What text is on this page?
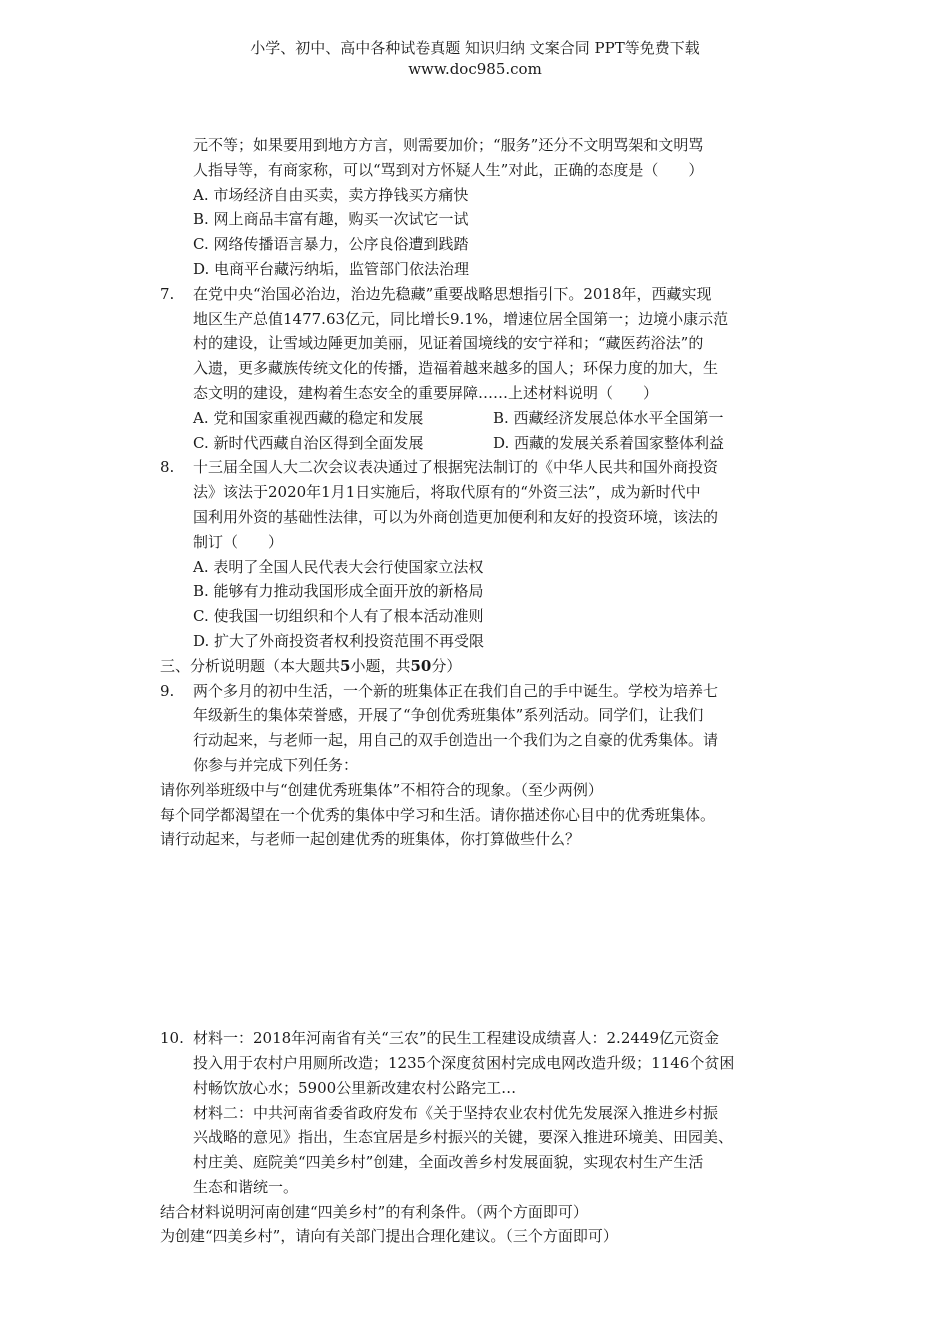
小学、初中、高中各种试卷真题 知识归纳 文案合同 PPT等免费下载
www.doc985.com
元不等；如果要用到地方方言，则需要加价；“服务”还分不文明骂架和文明骂
人指导等，有商家称，可以“骂到对方怀疑人生”对此，正确的态度是（　　）
A. 市场经济自由买卖，卖方挣钱买方痛快
B. 网上商品丰富有趣，购买一次试它一试
C. 网络传播语言暴力，公序良俗遭到践踏
D. 电商平台藏污纳垢，监管部门依法治理
7. 在党中央“治国必治边，治边先稳藏”重要战略思想指引下。2018年，西藏实现
地区生产总值1477.63亿元，同比增长9.1%，增速位居全国第一；边境小康示范
村的建设，让雪域边陲更加美丽，见证着国境线的安宁祥和；“藏医药浴法”的
入遗，更多藏族传统文化的传播，造福着越来越多的国人；环保力度的加大，生
态文明的建设，建构着生态安全的重要屏障……上述材料说明（　　）
A. 党和国家重视西藏的稳定和发展	B. 西藏经济发展总体水平全国第一
C. 新时代西藏自治区得到全面发展	D. 西藏的发展关系着国家整体利益
8. 十三届全国人大二次会议表决通过了根据宪法制订的《中华人民共和国外商投资
法》该法于2020年1月1日实施后，将取代原有的“外资三法”，成为新时代中
国利用外资的基础性法律，可以为外商创造更加便利和友好的投资环境，该法的
制订（　　）
A. 表明了全国人民代表大会行使国家立法权
B. 能够有力推动我国形成全面开放的新格局
C. 使我国一切组织和个人有了根本活动准则
D. 扩大了外商投资者权利投资范围不再受限
三、分析说明题（本大题共5小题，共50分）
9. 两个多月的初中生活，一个新的班集体正在我们自己的手中诞生。学校为培养七
年级新生的集体荣誉感，开展了“争创优秀班集体”系列活动。同学们，让我们
行动起来，与老师一起，用自己的双手创造出一个我们为之自豪的优秀集体。请
你参与并完成下列任务：
请你列举班级中与“创建优秀班集体”不相符合的现象。（至少两例）
每个同学都渴望在一个优秀的集体中学习和生活。请你描述你心目中的优秀班集体。
请行动起来，与老师一起创建优秀的班集体，你打算做些什么？
10. 材料一：2018年河南省有关“三农”的民生工程建设成绩喜人：2.2449亿元资金
投入用于农村户用厕所改造；1235个深度贫困村完成电网改造升级；1146个贫困
村畅饮放心水；5900公里新改建农村公路完工…
材料二：中共河南省委省政府发布《关于坚持农业农村优先发展深入推进乡村振
兴战略的意见》指出，生态宜居是乡村振兴的关键，要深入推进环境美、田园美、
村庄美、庭院美“四美乡村”创建，全面改善乡村发展面貌，实现农村生产生活
生态和谐统一。
结合材料说明河南创建“四美乡村”的有利条件。（两个方面即可）
为创建“四美乡村”，请向有关部门提出合理化建议。（三个方面即可）
